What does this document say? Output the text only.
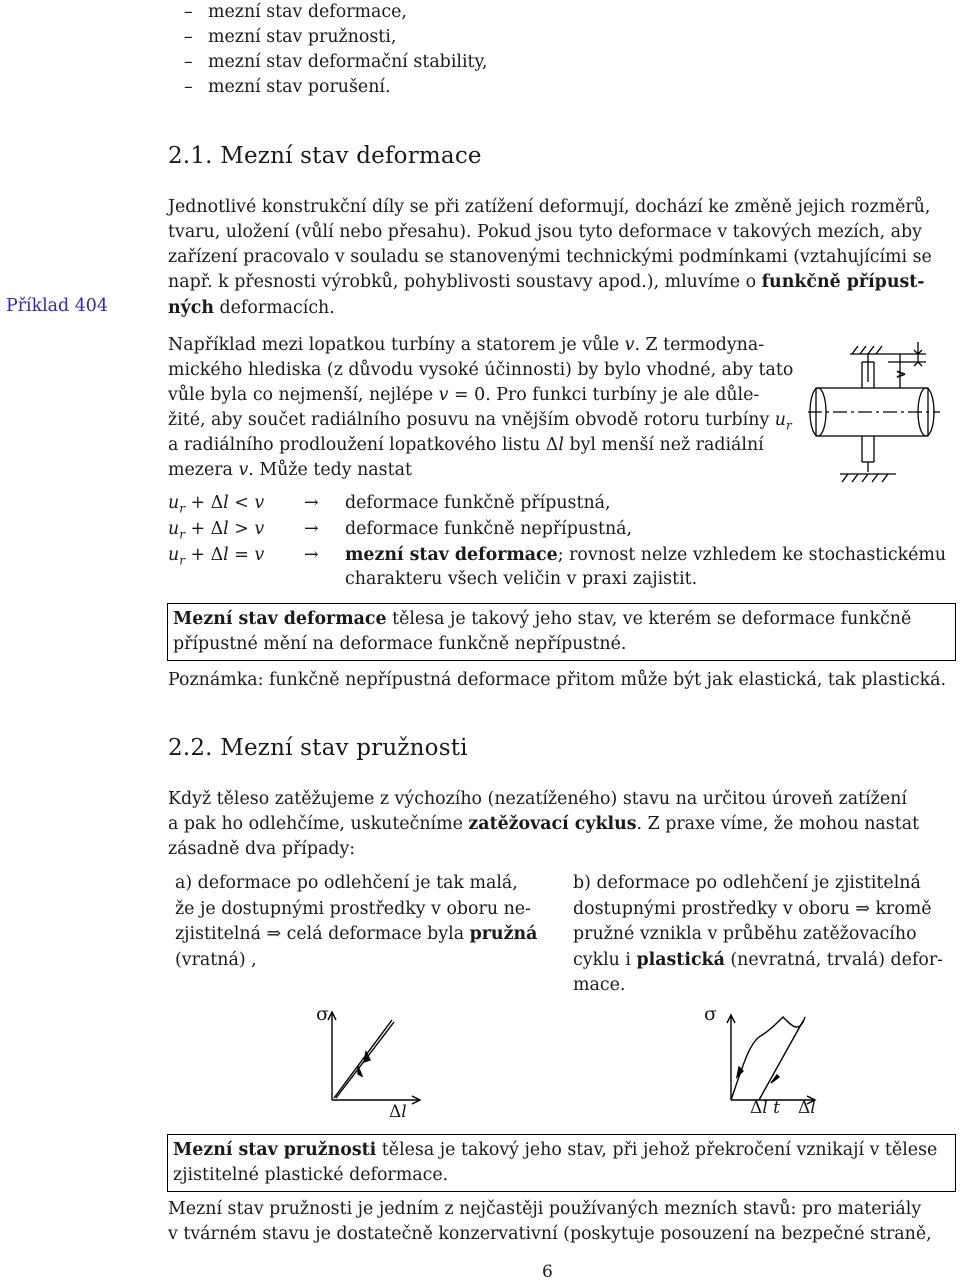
– mezní stav deformace,
– mezní stav pružnosti,
– mezní stav deformační stability,
– mezní stav porušení.
2.1. Mezní stav deformace
Příklad 404
Jednotlivé konstrukční díly se při zatížení deformují, dochází ke změně jejich rozměrů,
tvaru, uložení (vůlí nebo přesahu). Pokud jsou tyto deformace v takových mezích, aby
zařízení pracovalo v souladu se stanovenými technickými podmínkami (vztahujícími se
např. k přesnosti výrobků, pohyblivosti soustavy apod.), mluvíme o funkčně přípust-
ných deformacích.
Například mezi lopatkou turbíny a statorem je vůle v. Z termodyna-
mického hlediska (z důvodu vysoké účinnosti) by bylo vhodné, aby tato
vůle byla co nejmenší, nejlépe v = 0. Pro funkci turbíny je ale důle-
žité, aby součet radiálního posuvu na vnějším obvodě rotoru turbíny $u_r$
a radiálního prodloužení lopatkového listu Δl byl menší než radiální
mezera v. Může tedy nastat
>
$u_r + \Delta l < v$ → deformace funkčně přípustná,
$u_r + \Delta l > v$ → deformace funkčně nepřípustná,
$u_r + \Delta l = v$ → mezní stav deformace; rovnost nelze vzhledem ke stochastickému
charakteru všech veličin v praxi zajistit.
Mezní stav deformace tělesa je takový jeho stav, ve kterém se deformace funkčně
přípustné mění na deformace funkčně nepřípustné.
Poznámka: funkčně nepřípustná deformace přitom může být jak elastická, tak plastická.
2.2. Mezní stav pružnosti
Když těleso zatěžujeme z výchozího (nezatíženého) stavu na určitou úroveň zatížení
a pak ho odlehčíme, uskutečníme zatěžovací cyklus. Z praxe víme, že mohou nastat
zásadně dva případy:
a) deformace po odlehčení je tak malá,
že je dostupnými prostředky v oboru ne-
zjistitelná ⇒ celá deformace byla pružná
(vratná) ,
b) deformace po odlehčení je zjistitelná
dostupnými prostředky v oboru ⇒ kromě
pružné vznikla v průběhu zatěžovacího
cyklu i plastická (nevratná, trvalá) defor-
mace.
σ
Δl
σ
Δl t Δl
Mezní stav pružnosti tělesa je takový jeho stav, při jehož překročení vznikají v tělese
zjistitelné plastické deformace.
Mezní stav pružnosti je jedním z nejčastěji používaných mezních stavů: pro materiály
v tvárném stavu je dostatečně konzervativní (poskytuje posouzení na bezpečné straně,
6
